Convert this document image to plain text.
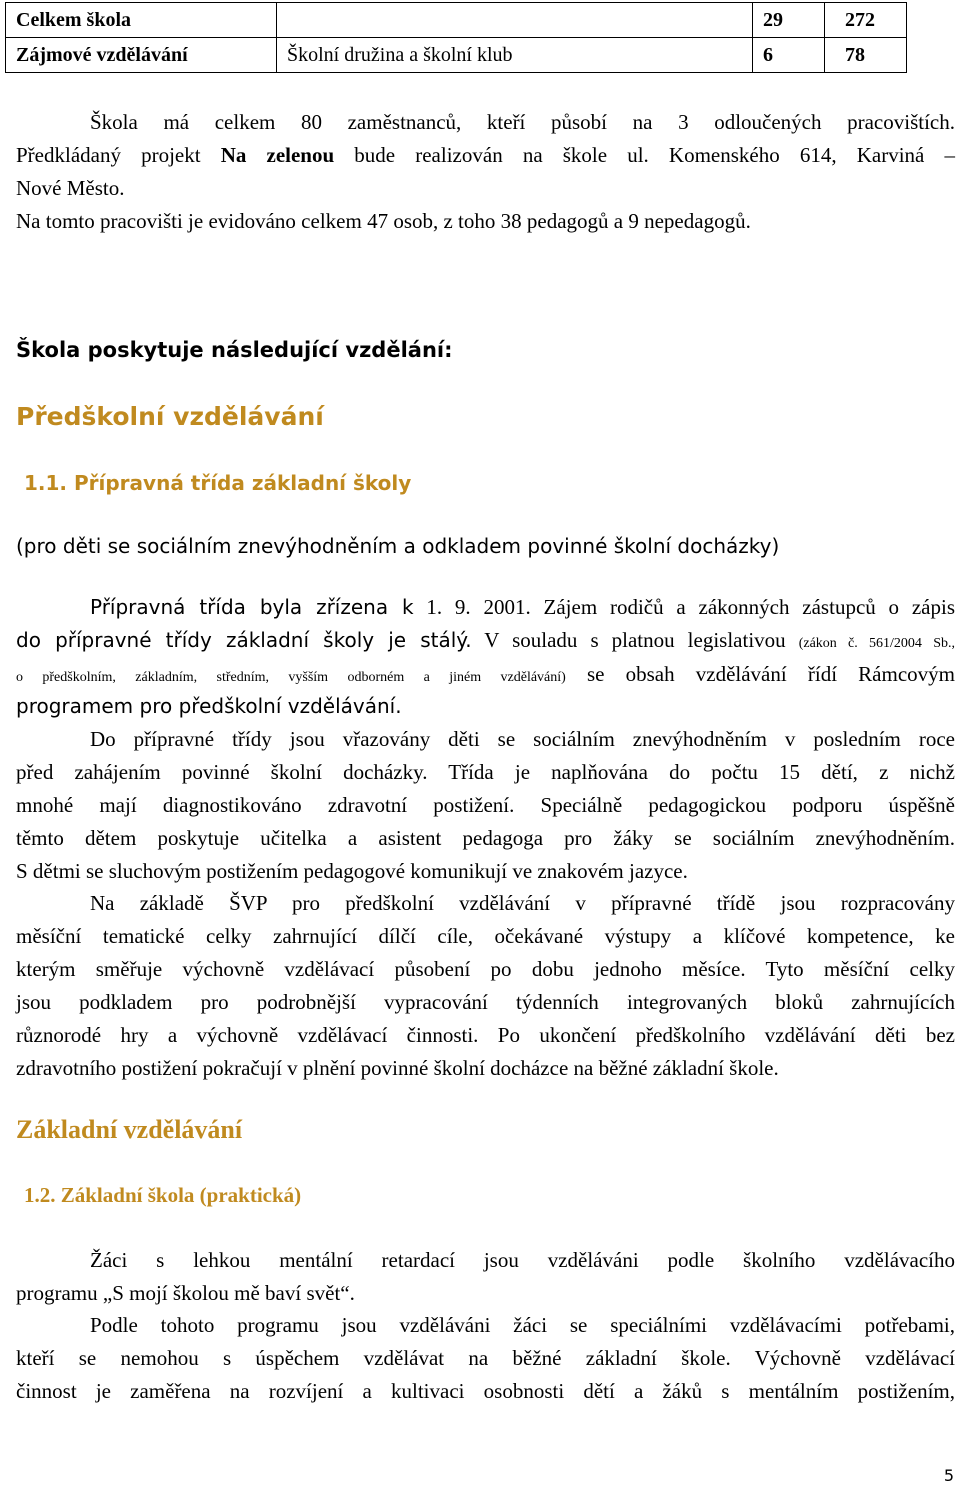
Celkem škola		29	272
Zájmové vzdělávání	Školní družina a školní klub	6	78
Škola má celkem 80 zaměstnanců, kteří působí na 3 odloučených pracovištích.
Předkládaný projekt Na zelenou bude realizován na škole ul. Komenského 614, Karviná –
Nové Město.
Na tomto pracovišti je evidováno celkem 47 osob, z toho 38 pedagogů a 9 nepedagogů.
Škola poskytuje následující vzdělání:
Předškolní vzdělávání
1.1. Přípravná třída základní školy
(pro děti se sociálním znevýhodněním a odkladem povinné školní docházky)
Přípravná třída byla zřízena k 1. 9. 2001. Zájem rodičů a zákonných zástupců o zápis
do přípravné třídy základní školy je stálý. V souladu s platnou legislativou (zákon č. 561/2004 Sb.,
o předškolním, základním, středním, vyšším odborném a jiném vzdělávání) se obsah vzdělávání řídí Rámcovým
programem pro předškolní vzdělávání.
Do přípravné třídy jsou vřazovány děti se sociálním znevýhodněním v posledním roce
před zahájením povinné školní docházky. Třída je naplňována do počtu 15 dětí, z nichž
mnohé mají diagnostikováno zdravotní postižení. Speciálně pedagogickou podporu úspěšně
těmto dětem poskytuje učitelka a asistent pedagoga pro žáky se sociálním znevýhodněním.
S dětmi se sluchovým postižením pedagogové komunikují ve znakovém jazyce.
Na základě ŠVP pro předškolní vzdělávání v přípravné třídě jsou rozpracovány
měsíční tematické celky zahrnující dílčí cíle, očekávané výstupy a klíčové kompetence, ke
kterým směřuje výchovně vzdělávací působení po dobu jednoho měsíce. Tyto měsíční celky
jsou podkladem pro podrobnější vypracování týdenních integrovaných bloků zahrnujících
různorodé hry a výchovně vzdělávací činnosti. Po ukončení předškolního vzdělávání děti bez
zdravotního postižení pokračují v plnění povinné školní docházce na běžné základní škole.
Základní vzdělávání
1.2. Základní škola (praktická)
Žáci s lehkou mentální retardací jsou vzděláváni podle školního vzdělávacího
programu „S mojí školou mě baví svět“.
Podle tohoto programu jsou vzděláváni žáci se speciálními vzdělávacími potřebami,
kteří se nemohou s úspěchem vzdělávat na běžné základní škole. Výchovně vzdělávací
činnost je zaměřena na rozvíjení a kultivaci osobnosti dětí a žáků s mentálním postižením,
5
